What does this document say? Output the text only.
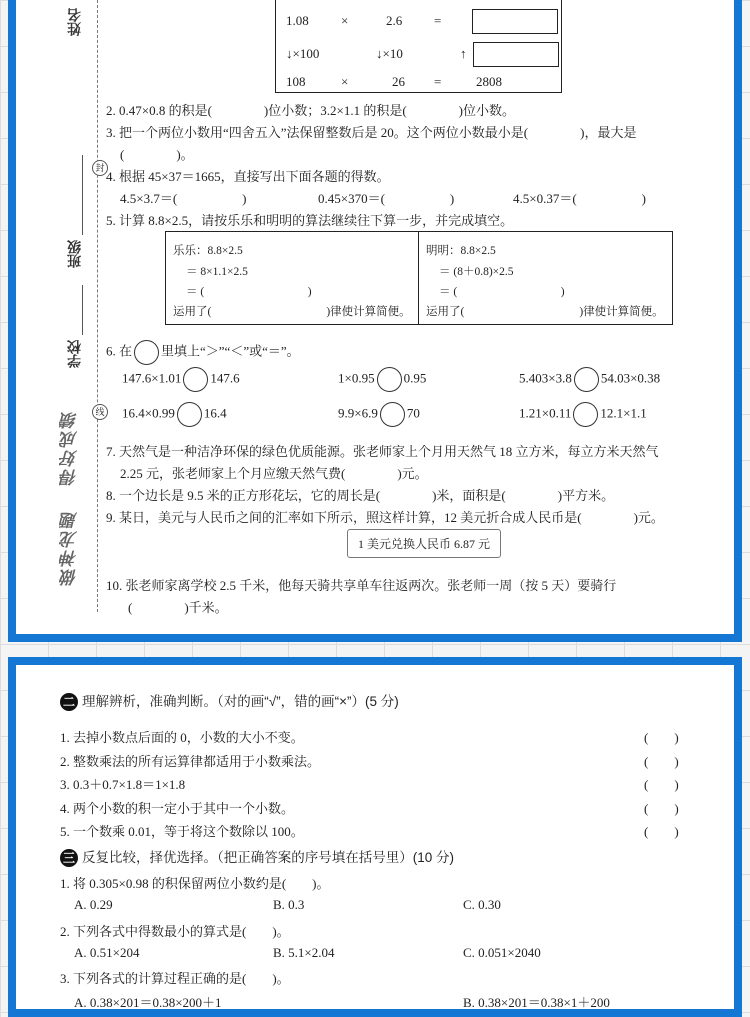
姓名
班级
学校
做神龙题
得好成绩
封
线
1.08 ×	2.6 =
↓×100	↓×10	↑
108	×	26 =	2808
2. 0.47×0.8 的积是(　　　　)位小数；3.2×1.1 的积是(　　　　)位小数。
3. 把一个两位小数用“四舍五入”法保留整数后是 20。这个两位小数最小是(　　　　)，最大是
(　　　　)。
4. 根据 45×37＝1665，直接写出下面各题的得数。
4.5×3.7＝(　　　　　)	0.45×370＝(　　　　　)	4.5×0.37＝(　　　　　)
5. 计算 8.8×2.5，请按乐乐和明明的算法继续往下算一步，并完成填空。
乐乐：8.8×2.5
＝ 8×1.1×2.5
＝ (　　　　　　　　　)
运用了(　　　　　　　　　　)律使计算简便。
明明：8.8×2.5
＝ (8＋0.8)×2.5
＝ (　　　　　　　　　)
运用了(　　　　　　　　　　)律使计算简便。
6. 在 里填上“＞”“＜”或“＝”。
147.6×1.01 147.6	1×0.95 0.95	5.403×3.8 54.03×0.38
16.4×0.99 16.4	9.9×6.9 70	1.21×0.11 12.1×1.1
7. 天然气是一种洁净环保的绿色优质能源。张老师家上个月用天然气 18 立方米，每立方米天然气
2.25 元，张老师家上个月应缴天然气费(　　　　)元。
8. 一个边长是 9.5 米的正方形花坛，它的周长是(　　　　)米，面积是(　　　　)平方米。
9. 某日，美元与人民币之间的汇率如下所示，照这样计算，12 美元折合成人民币是(　　　　)元。
1 美元兑换人民币 6.87 元
10. 张老师家离学校 2.5 千米，他每天骑共享单车往返两次。张老师一周（按 5 天）要骑行
(　　　　)千米。
二 理解辨析，准确判断。（对的画“√”，错的画“×”）(5 分)
1. 去掉小数点后面的 0，小数的大小不变。	(　　)
2. 整数乘法的所有运算律都适用于小数乘法。	(　　)
3. 0.3＋0.7×1.8＝1×1.8	(　　)
4. 两个小数的积一定小于其中一个小数。	(　　)
5. 一个数乘 0.01，等于将这个数除以 100。	(　　)
三 反复比较，择优选择。（把正确答案的序号填在括号里）(10 分)
1. 将 0.305×0.98 的积保留两位小数约是(　　)。
A. 0.29	B. 0.3	C. 0.30
2. 下列各式中得数最小的算式是(　　)。
A. 0.51×204	B. 5.1×2.04	C. 0.051×2040
3. 下列各式的计算过程正确的是(　　)。
A. 0.38×201＝0.38×200＋1	B. 0.38×201＝0.38×1＋200
